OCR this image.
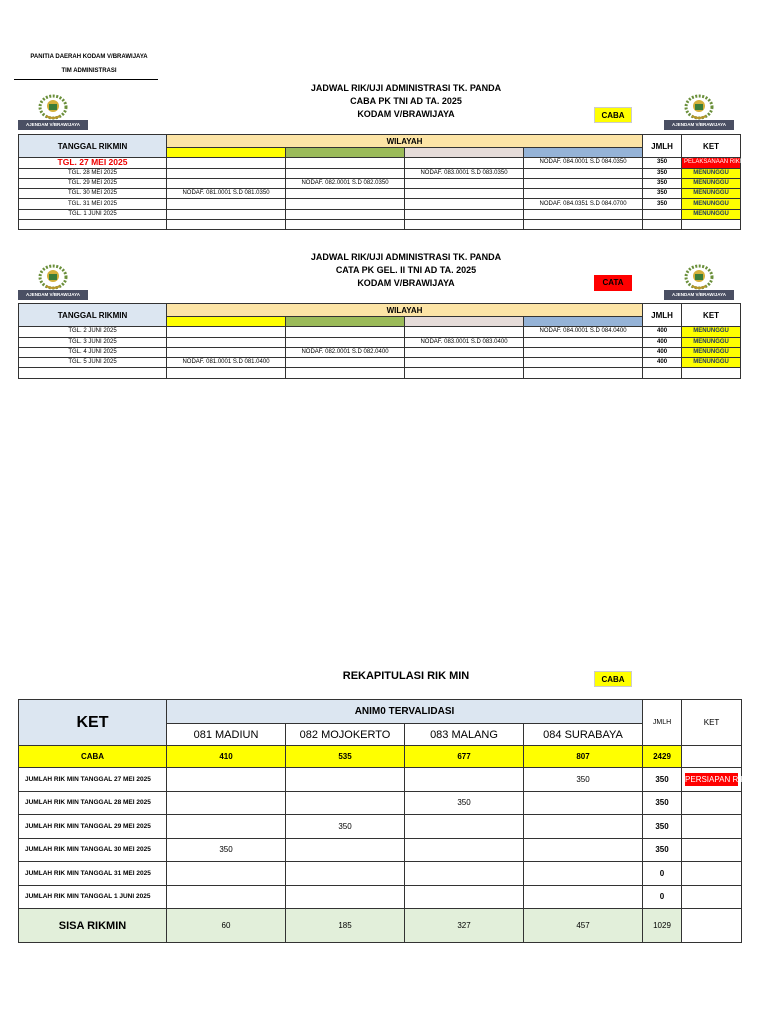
PANITIA DAERAH KODAM V/BRAWIJAYA
TIM ADMINISTRASI
JADWAL RIK/UJI ADMINISTRASI TK. PANDA
CABA PK TNI AD TA. 2025
KODAM V/BRAWIJAYA
AJENDAM V/BRAWIJAYA	AJENDAM V/BRAWIJAYA
CABA
TANGGAL RIKMIN	WILAYAH				JMLH	KET

TGL. 27 MEI 2025				NODAF. 084.0001 S.D 084.0350	350	PELAKSANAAN RIKMIN
TGL. 28 MEI 2025			NODAF. 083.0001 S.D 083.0350		350	MENUNGGU
TGL. 29 MEI 2025		NODAF. 082.0001 S.D 082.0350			350	MENUNGGU
TGL. 30 MEI 2025	NODAF. 081.0001 S.D 081.0350				350	MENUNGGU
TGL. 31 MEI 2025				NODAF. 084.0351 S.D 084.0700	350	MENUNGGU
TGL. 1 JUNI 2025						MENUNGGU

JADWAL RIK/UJI ADMINISTRASI TK. PANDA
CATA PK GEL. II TNI AD TA. 2025
KODAM V/BRAWIJAYA
AJENDAM V/BRAWIJAYA	AJENDAM V/BRAWIJAYA
CATA
TANGGAL RIKMIN	WILAYAH				JMLH	KET

TGL. 2 JUNI 2025				NODAF. 084.0001 S.D 084.0400	400	MENUNGGU
TGL. 3 JUNI 2025			NODAF. 083.0001 S.D 083.0400		400	MENUNGGU
TGL. 4 JUNI 2025		NODAF. 082.0001 S.D 082.0400			400	MENUNGGU
TGL. 5 JUNI 2025	NODAF. 081.0001 S.D 081.0400				400	MENUNGGU

REKAPITULASI RIK MIN	CABA
KET	ANIM0 TERVALIDASI				JMLH	KET
	081 MADIUN	082 MOJOKERTO	083 MALANG	084 SURABAYA		
CABA	410	535	677	807	2429	
JUMLAH RIK MIN TANGGAL 27 MEI 2025				350	350	PERSIAPAN RIKMIN

JUMLAH RIK MIN TANGGAL 28 MEI 2025			350		350	
JUMLAH RIK MIN TANGGAL 29 MEI 2025		350			350	
JUMLAH RIK MIN TANGGAL 30 MEI 2025	350				350	
JUMLAH RIK MIN TANGGAL 31 MEI 2025					0	
JUMLAH RIK MIN TANGGAL 1 JUNI 2025					0	
SISA RIKMIN	60	185	327	457	1029	
